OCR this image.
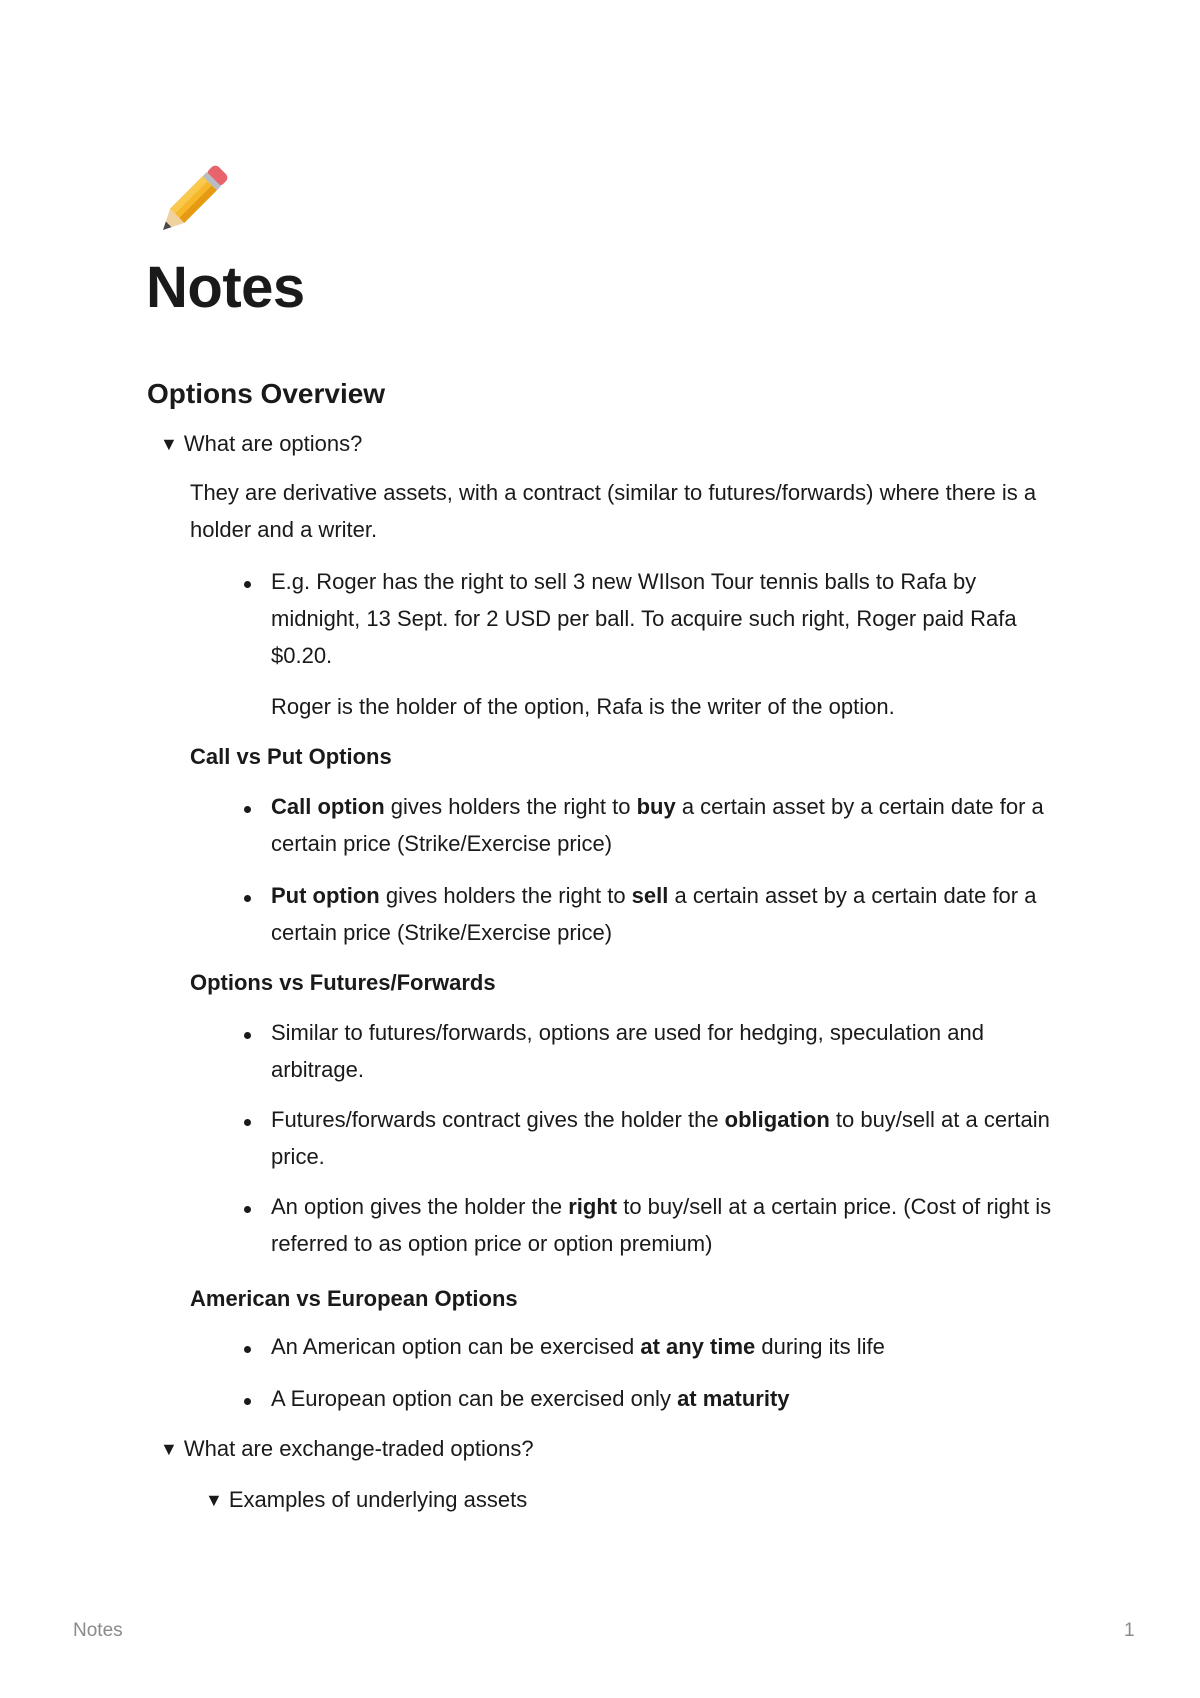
Notes
Options Overview
▼ What are options?

They are derivative assets, with a contract (similar to futures/forwards) where there is a holder and a writer.

E.g. Roger has the right to sell 3 new WIlson Tour tennis balls to Rafa by midnight, 13 Sept. for 2 USD per ball. To acquire such right, Roger paid Rafa $0.20.

Roger is the holder of the option, Rafa is the writer of the option.

Call vs Put Options

Call option gives holders the right to buy a certain asset by a certain date for a certain price (Strike/Exercise price)

Put option gives holders the right to sell a certain asset by a certain date for a certain price (Strike/Exercise price)

Options vs Futures/Forwards

Similar to futures/forwards, options are used for hedging, speculation and arbitrage.

Futures/forwards contract gives the holder the obligation to buy/sell at a certain price.

An option gives the holder the right to buy/sell at a certain price. (Cost of right is referred to as option price or option premium)

American vs European Options

An American option can be exercised at any time during its life

A European option can be exercised only at maturity

▼ What are exchange-traded options?
▼ Examples of underlying assets
Notes	1
